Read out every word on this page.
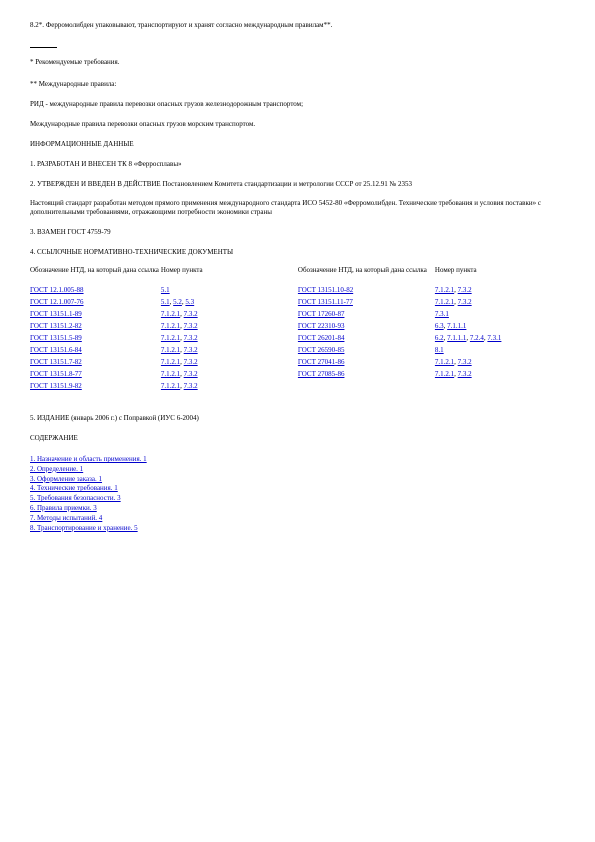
8.2*. Ферромолибден упаковывают, транспортируют и хранят согласно международным правилам**.
* Рекомендуемые требования.
** Международные правила:
РИД - международные правила перевозки опасных грузов железнодорожным транспортом;
Международные правила перевозки опасных грузов морским транспортом.
ИНФОРМАЦИОННЫЕ ДАННЫЕ
1. РАЗРАБОТАН И ВНЕСЕН ТК 8 «Ферросплавы»
2. УТВЕРЖДЕН И ВВЕДЕН В ДЕЙСТВИЕ Постановлением Комитета стандартизации и метрологии СССР от 25.12.91 № 2353
Настоящий стандарт разработан методом прямого применения международного стандарта ИСО 5452-80 «Ферромолибден. Технические требования и условия поставки» с дополнительными требованиями, отражающими потребности экономики страны
3. ВЗАМЕН ГОСТ 4759-79
4. ССЫЛОЧНЫЕ НОРМАТИВНО-ТЕХНИЧЕСКИЕ ДОКУМЕНТЫ
Обозначение НТД, на который дана ссылка	Номер пункта	Обозначение НТД, на который дана ссылка	Номер пункта
ГОСТ 12.1.005-88	5.1	ГОСТ 13151.10-82	7.1.2.1, 7.3.2
ГОСТ 12.1.007-76	5.1, 5.2, 5.3	ГОСТ 13151.11-77	7.1.2.1, 7.3.2
ГОСТ 13151.1-89	7.1.2.1, 7.3.2	ГОСТ 17260-87	7.3.1
ГОСТ 13151.2-82	7.1.2.1, 7.3.2	ГОСТ 22310-93	6.3, 7.1.1.1
ГОСТ 13151.5-89	7.1.2.1, 7.3.2	ГОСТ 26201-84	6.2, 7.1.1.1, 7.2.4, 7.3.1
ГОСТ 13151.6-84	7.1.2.1, 7.3.2	ГОСТ 26590-85	8.1
ГОСТ 13151.7-82	7.1.2.1, 7.3.2	ГОСТ 27041-86	7.1.2.1, 7.3.2
ГОСТ 13151.8-77	7.1.2.1, 7.3.2	ГОСТ 27085-86	7.1.2.1, 7.3.2
ГОСТ 13151.9-82	7.1.2.1, 7.3.2		
5. ИЗДАНИЕ (январь 2006 г.) с Поправкой (ИУС 6-2004)
СОДЕРЖАНИЕ
1. Назначение и область применения. 1
2. Определение. 1
3. Оформление заказа. 1
4. Технические требования. 1
5. Требования безопасности. 3
6. Правила приемки. 3
7. Методы испытаний. 4
8. Транспортирование и хранение. 5
